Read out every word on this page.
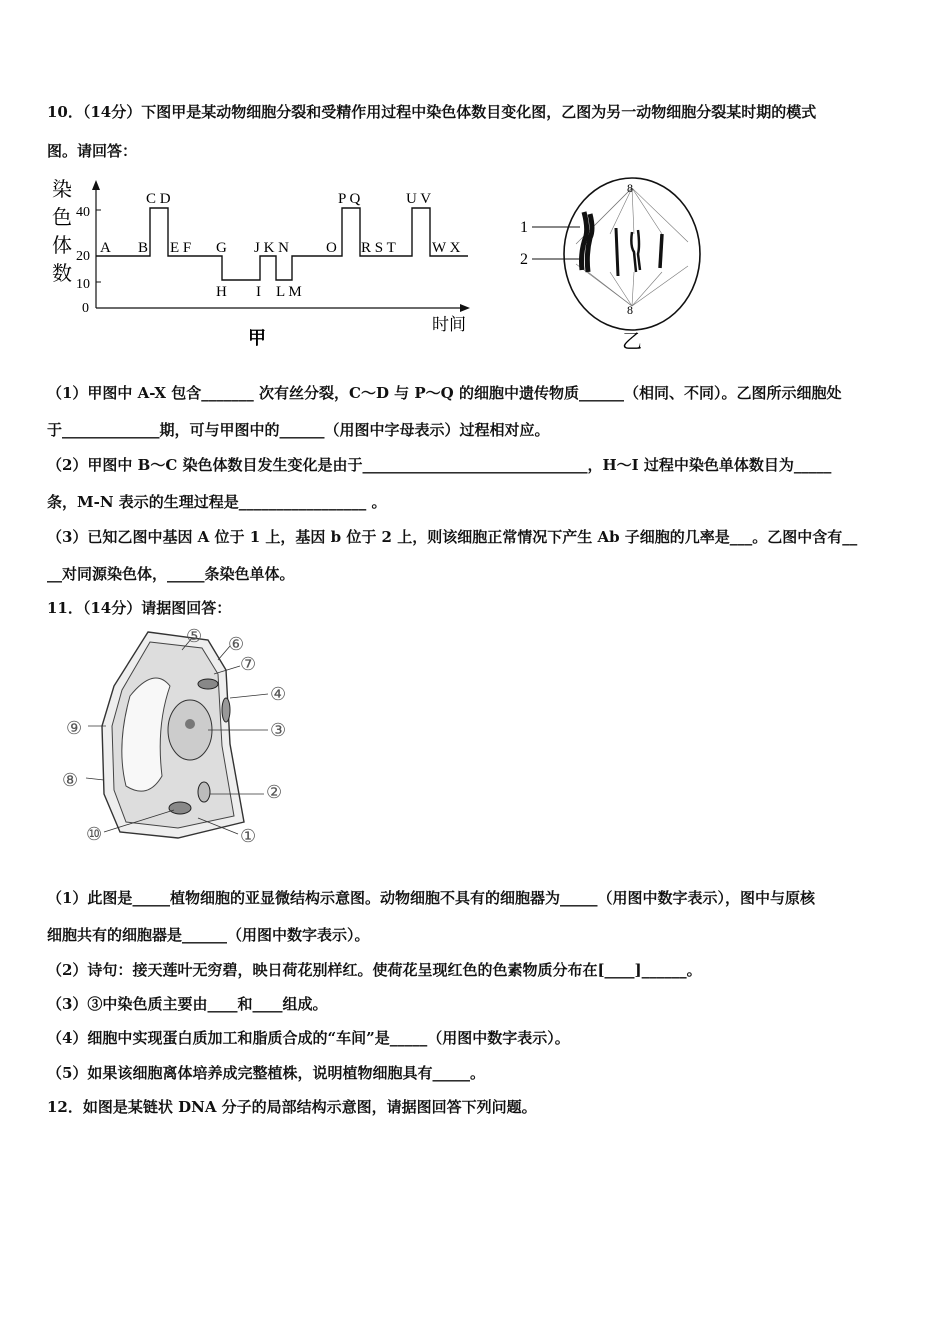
10．（14分）下图甲是某动物细胞分裂和受精作用过程中染色体数目变化图，乙图为另一动物细胞分裂某时期的模式
图。请回答：
染
色
体
数
40
20
10
0
A B E F G J K N O R S T W X
C D	P Q	U V
H I L M
时间
甲
8
8
1
2
乙
（1）甲图中 A-X 包含_______ 次有丝分裂，C～D 与 P～Q 的细胞中遗传物质______（相同、不同）。乙图所示细胞处
于_____________期，可与甲图中的______（用图中字母表示）过程相对应。
（2）甲图中 B～C 染色体数目发生变化是由于______________________________，H～I 过程中染色单体数目为_____
条，M-N 表示的生理过程是_________________ 。
（3）已知乙图中基因 A 位于 1 上，基因 b 位于 2 上，则该细胞正常情况下产生 Ab 子细胞的几率是___。乙图中含有__
__对同源染色体，_____条染色单体。
11．（14分）请据图回答：
⑤ ⑥
⑦
④
⑨	③
⑧
②
⑩	①
（1）此图是_____植物细胞的亚显微结构示意图。动物细胞不具有的细胞器为_____（用图中数字表示），图中与原核
细胞共有的细胞器是______（用图中数字表示）。
（2）诗句：接天莲叶无穷碧，映日荷花别样红。使荷花呈现红色的色素物质分布在[____]______。
（3）③中染色质主要由____和____组成。
（4）细胞中实现蛋白质加工和脂质合成的“车间”是_____（用图中数字表示）。
（5）如果该细胞离体培养成完整植株，说明植物细胞具有_____。
12．如图是某链状 DNA 分子的局部结构示意图，请据图回答下列问题。
